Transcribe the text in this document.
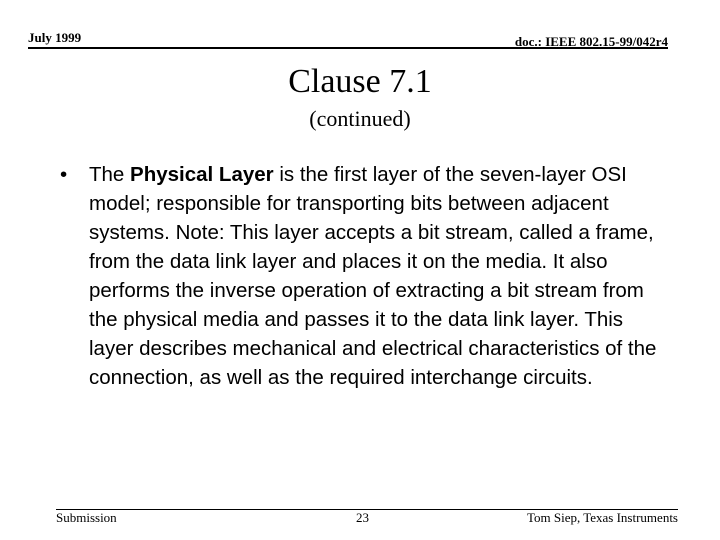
July 1999	doc.: IEEE 802.15-99/042r4
Clause 7.1
(continued)
• The Physical Layer is the first layer of the seven-layer OSI model; responsible for transporting bits between adjacent systems. Note: This layer accepts a bit stream, called a frame, from the data link layer and places it on the media. It also performs the inverse operation of extracting a bit stream from the physical media and passes it to the data link layer. This layer describes mechanical and electrical characteristics of the connection, as well as the required interchange circuits.
Submission	23	Tom Siep, Texas Instruments
